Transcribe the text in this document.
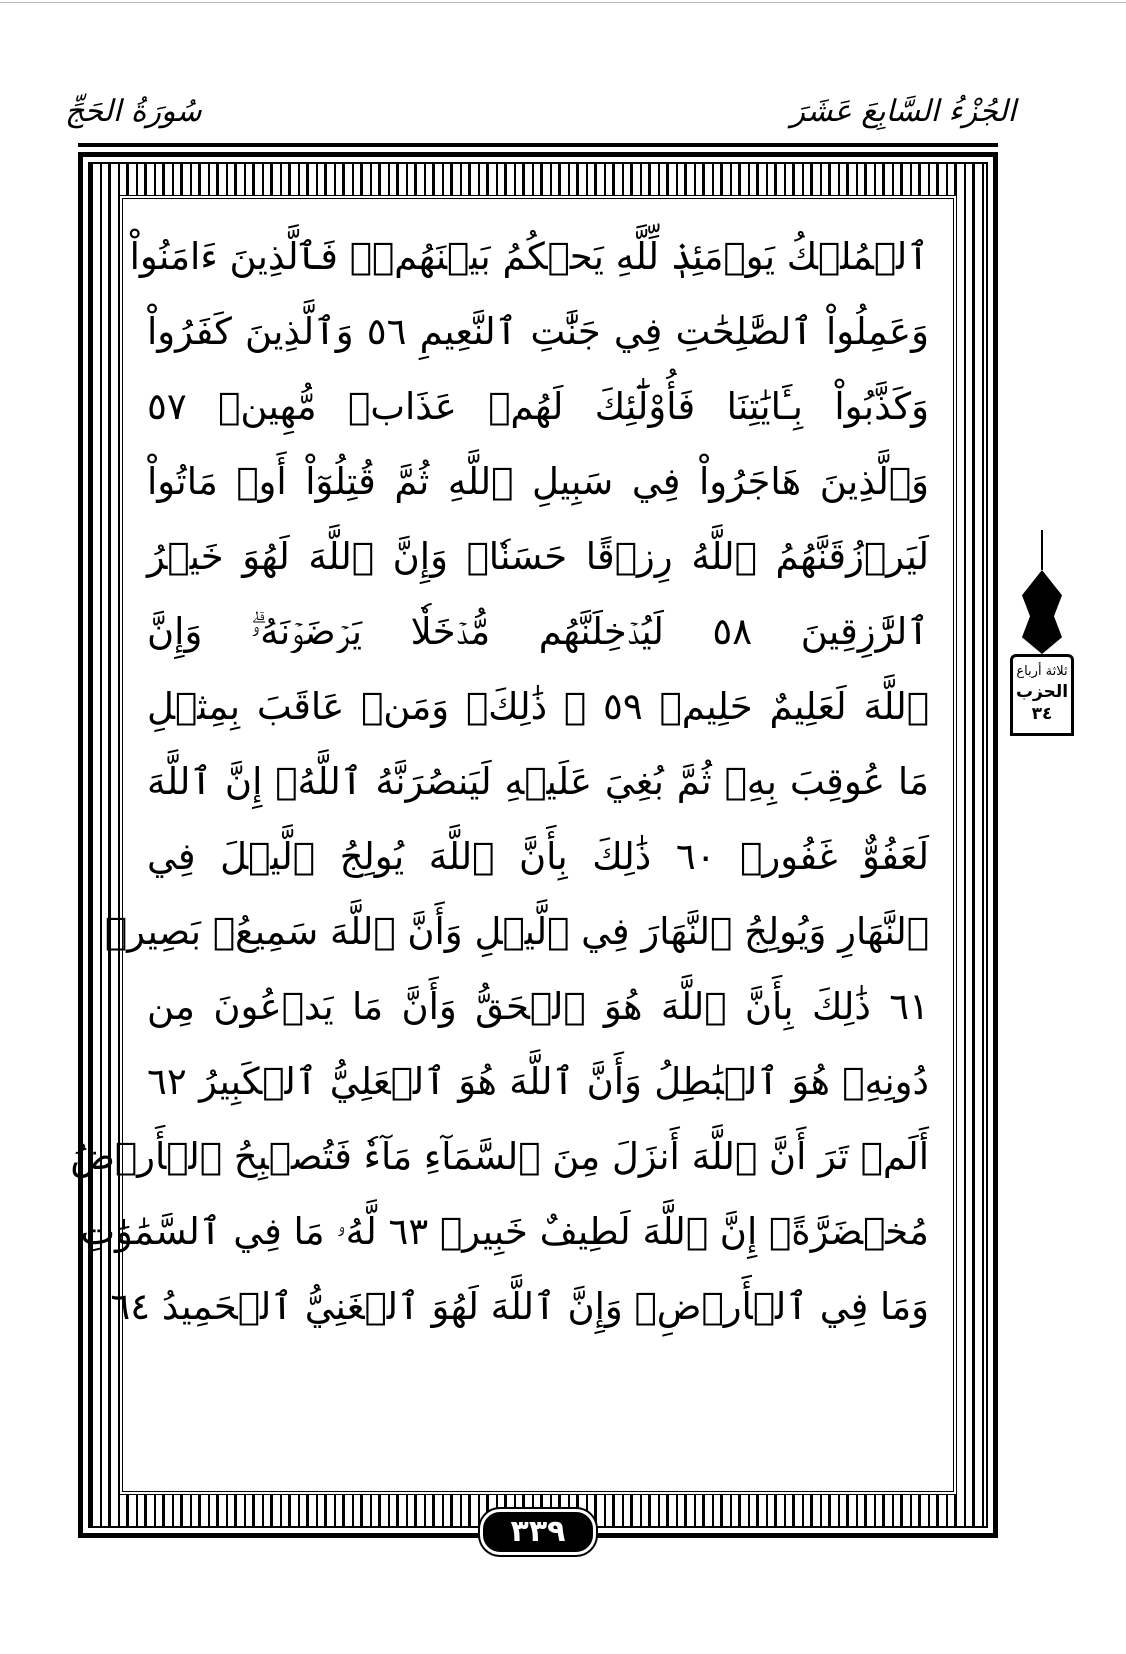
سُورَةُ الحَجِّ	الجُزْءُ السَّابِعَ عَشَرَ
ٱلۡمُلۡكُ يَوۡمَئِذٖ لِّلَّهِ يَحۡكُمُ بَيۡنَهُمۡۚ فَٱلَّذِينَ ءَامَنُواْ
وَعَمِلُواْ ٱلصَّٰلِحَٰتِ فِي جَنَّٰتِ ٱلنَّعِيمِ ٥٦ وَٱلَّذِينَ كَفَرُواْ
وَكَذَّبُواْ بِـَٔايَٰتِنَا فَأُوْلَٰٓئِكَ لَهُمۡ عَذَابٞ مُّهِينٞ ٥٧
وَٱلَّذِينَ هَاجَرُواْ فِي سَبِيلِ ٱللَّهِ ثُمَّ قُتِلُوٓاْ أَوۡ مَاتُواْ
لَيَرۡزُقَنَّهُمُ ٱللَّهُ رِزۡقًا حَسَنٗاۚ وَإِنَّ ٱللَّهَ لَهُوَ خَيۡرُ
ٱلرَّٰزِقِينَ ٥٨ لَيُدۡخِلَنَّهُم مُّدۡخَلٗا يَرۡضَوۡنَهُۥۗ وَإِنَّ
ٱللَّهَ لَعَلِيمٌ حَلِيمٞ ٥٩ ۞ ذَٰلِكَۖ وَمَنۡ عَاقَبَ بِمِثۡلِ
مَا عُوقِبَ بِهِۦ ثُمَّ بُغِيَ عَلَيۡهِ لَيَنصُرَنَّهُ ٱللَّهُۚ إِنَّ ٱللَّهَ
لَعَفُوٌّ غَفُورٞ ٦٠ ذَٰلِكَ بِأَنَّ ٱللَّهَ يُولِجُ ٱلَّيۡلَ فِي
ٱلنَّهَارِ وَيُولِجُ ٱلنَّهَارَ فِي ٱلَّيۡلِ وَأَنَّ ٱللَّهَ سَمِيعُۢ بَصِيرٞ
٦١ ذَٰلِكَ بِأَنَّ ٱللَّهَ هُوَ ٱلۡحَقُّ وَأَنَّ مَا يَدۡعُونَ مِن
دُونِهِۦ هُوَ ٱلۡبَٰطِلُ وَأَنَّ ٱللَّهَ هُوَ ٱلۡعَلِيُّ ٱلۡكَبِيرُ ٦٢
أَلَمۡ تَرَ أَنَّ ٱللَّهَ أَنزَلَ مِنَ ٱلسَّمَآءِ مَآءٗ فَتُصۡبِحُ ٱلۡأَرۡضُ
مُخۡضَرَّةًۚ إِنَّ ٱللَّهَ لَطِيفٌ خَبِيرٞ ٦٣ لَّهُۥ مَا فِي ٱلسَّمَٰوَٰتِ
وَمَا فِي ٱلۡأَرۡضِۗ وَإِنَّ ٱللَّهَ لَهُوَ ٱلۡغَنِيُّ ٱلۡحَمِيدُ ٦٤
٣٣٩
ثلاثة أرباع
الحزب
٣٤
